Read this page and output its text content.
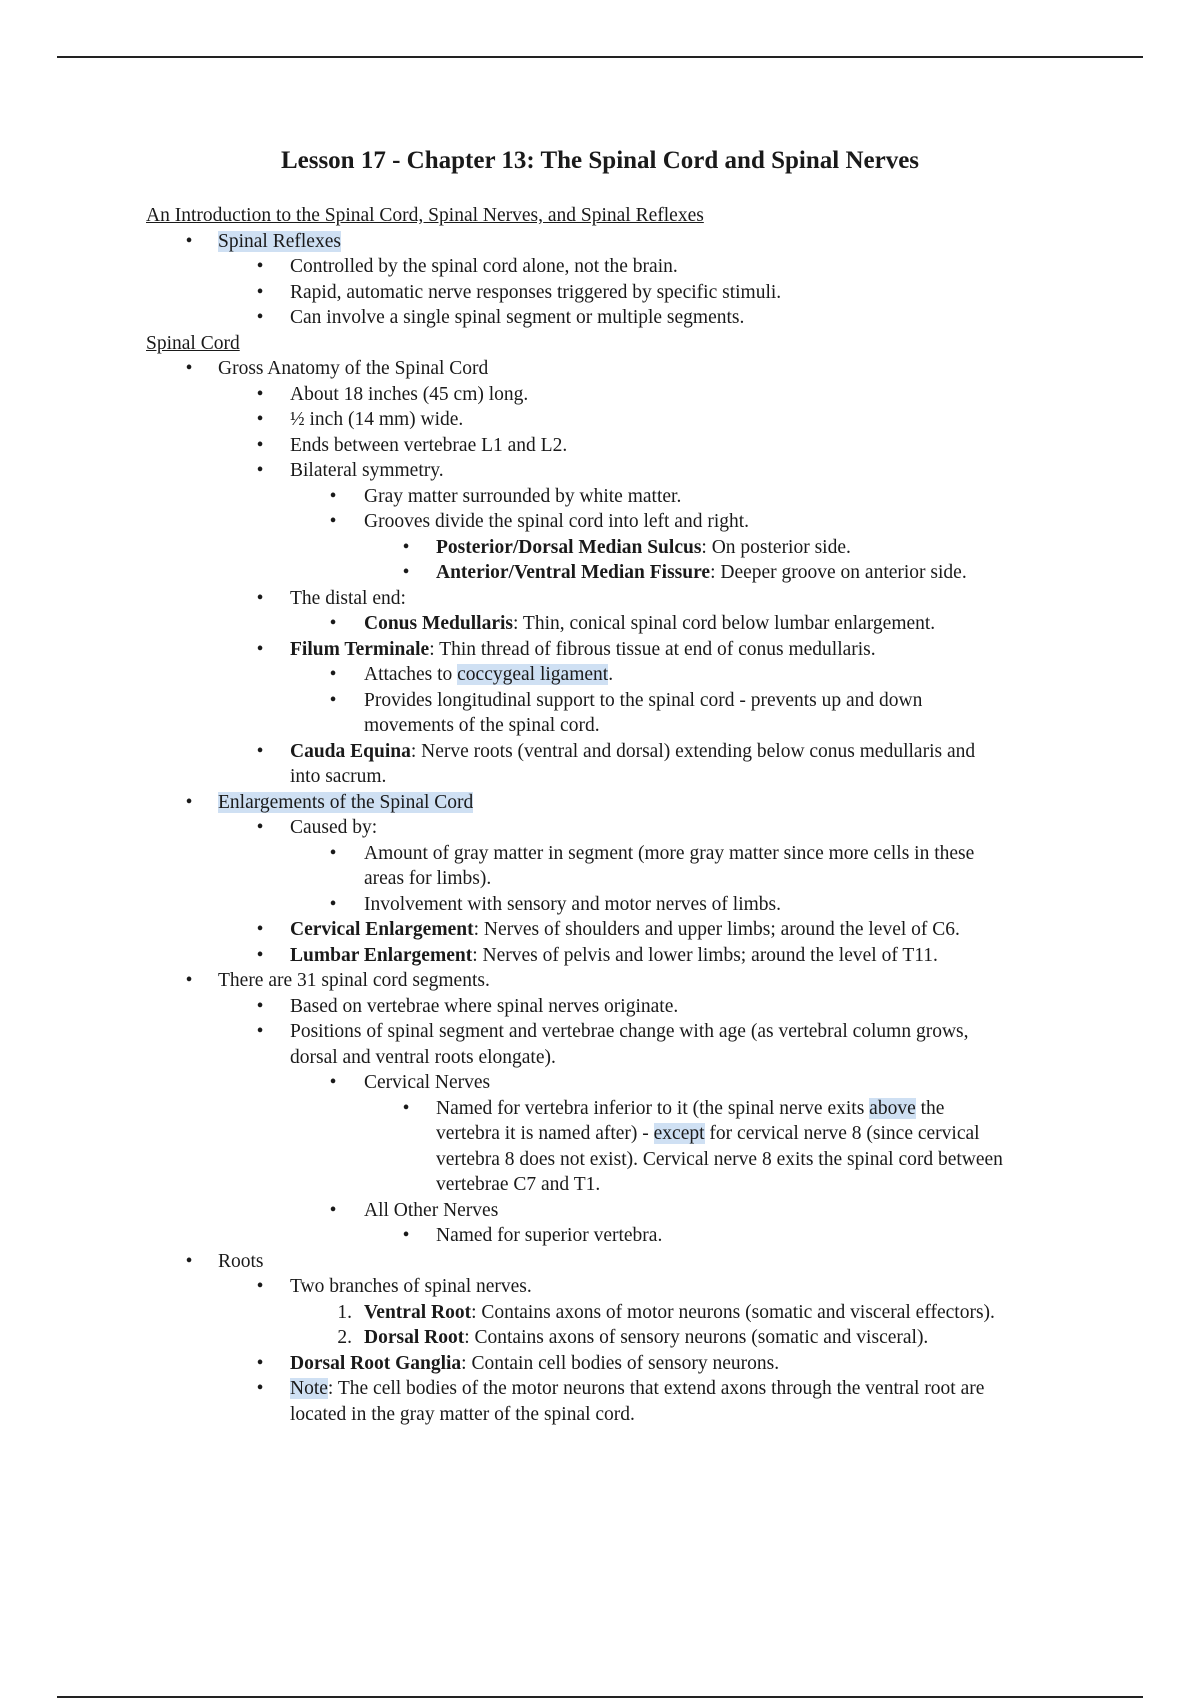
Lesson 17 - Chapter 13: The Spinal Cord and Spinal Nerves
An Introduction to the Spinal Cord, Spinal Nerves, and Spinal Reflexes
•	Spinal Reflexes
•	Controlled by the spinal cord alone, not the brain.
•	Rapid, automatic nerve responses triggered by specific stimuli.
•	Can involve a single spinal segment or multiple segments.
Spinal Cord
•	Gross Anatomy of the Spinal Cord
•	About 18 inches (45 cm) long.
•	½ inch (14 mm) wide.
•	Ends between vertebrae L1 and L2.
•	Bilateral symmetry.
•	Gray matter surrounded by white matter.
•	Grooves divide the spinal cord into left and right.
•	Posterior/Dorsal Median Sulcus: On posterior side.
•	Anterior/Ventral Median Fissure: Deeper groove on anterior side.
•	The distal end:
•	Conus Medullaris: Thin, conical spinal cord below lumbar enlargement.
•	Filum Terminale: Thin thread of fibrous tissue at end of conus medullaris.
•	Attaches to coccygeal ligament.
•	Provides longitudinal support to the spinal cord - prevents up and down
movements of the spinal cord.
•	Cauda Equina: Nerve roots (ventral and dorsal) extending below conus medullaris and
into sacrum.
•	Enlargements of the Spinal Cord
•	Caused by:
•	Amount of gray matter in segment (more gray matter since more cells in these
areas for limbs).
•	Involvement with sensory and motor nerves of limbs.
•	Cervical Enlargement: Nerves of shoulders and upper limbs; around the level of C6.
•	Lumbar Enlargement: Nerves of pelvis and lower limbs; around the level of T11.
•	There are 31 spinal cord segments.
•	Based on vertebrae where spinal nerves originate.
•	Positions of spinal segment and vertebrae change with age (as vertebral column grows,
dorsal and ventral roots elongate).
•	Cervical Nerves
•	Named for vertebra inferior to it (the spinal nerve exits above the
vertebra it is named after) - except for cervical nerve 8 (since cervical
vertebra 8 does not exist). Cervical nerve 8 exits the spinal cord between
vertebrae C7 and T1.
•	All Other Nerves
•	Named for superior vertebra.
•	Roots
•	Two branches of spinal nerves.
1. Ventral Root: Contains axons of motor neurons (somatic and visceral effectors).
2. Dorsal Root: Contains axons of sensory neurons (somatic and visceral).
•	Dorsal Root Ganglia: Contain cell bodies of sensory neurons.
•	Note: The cell bodies of the motor neurons that extend axons through the ventral root are
located in the gray matter of the spinal cord.
